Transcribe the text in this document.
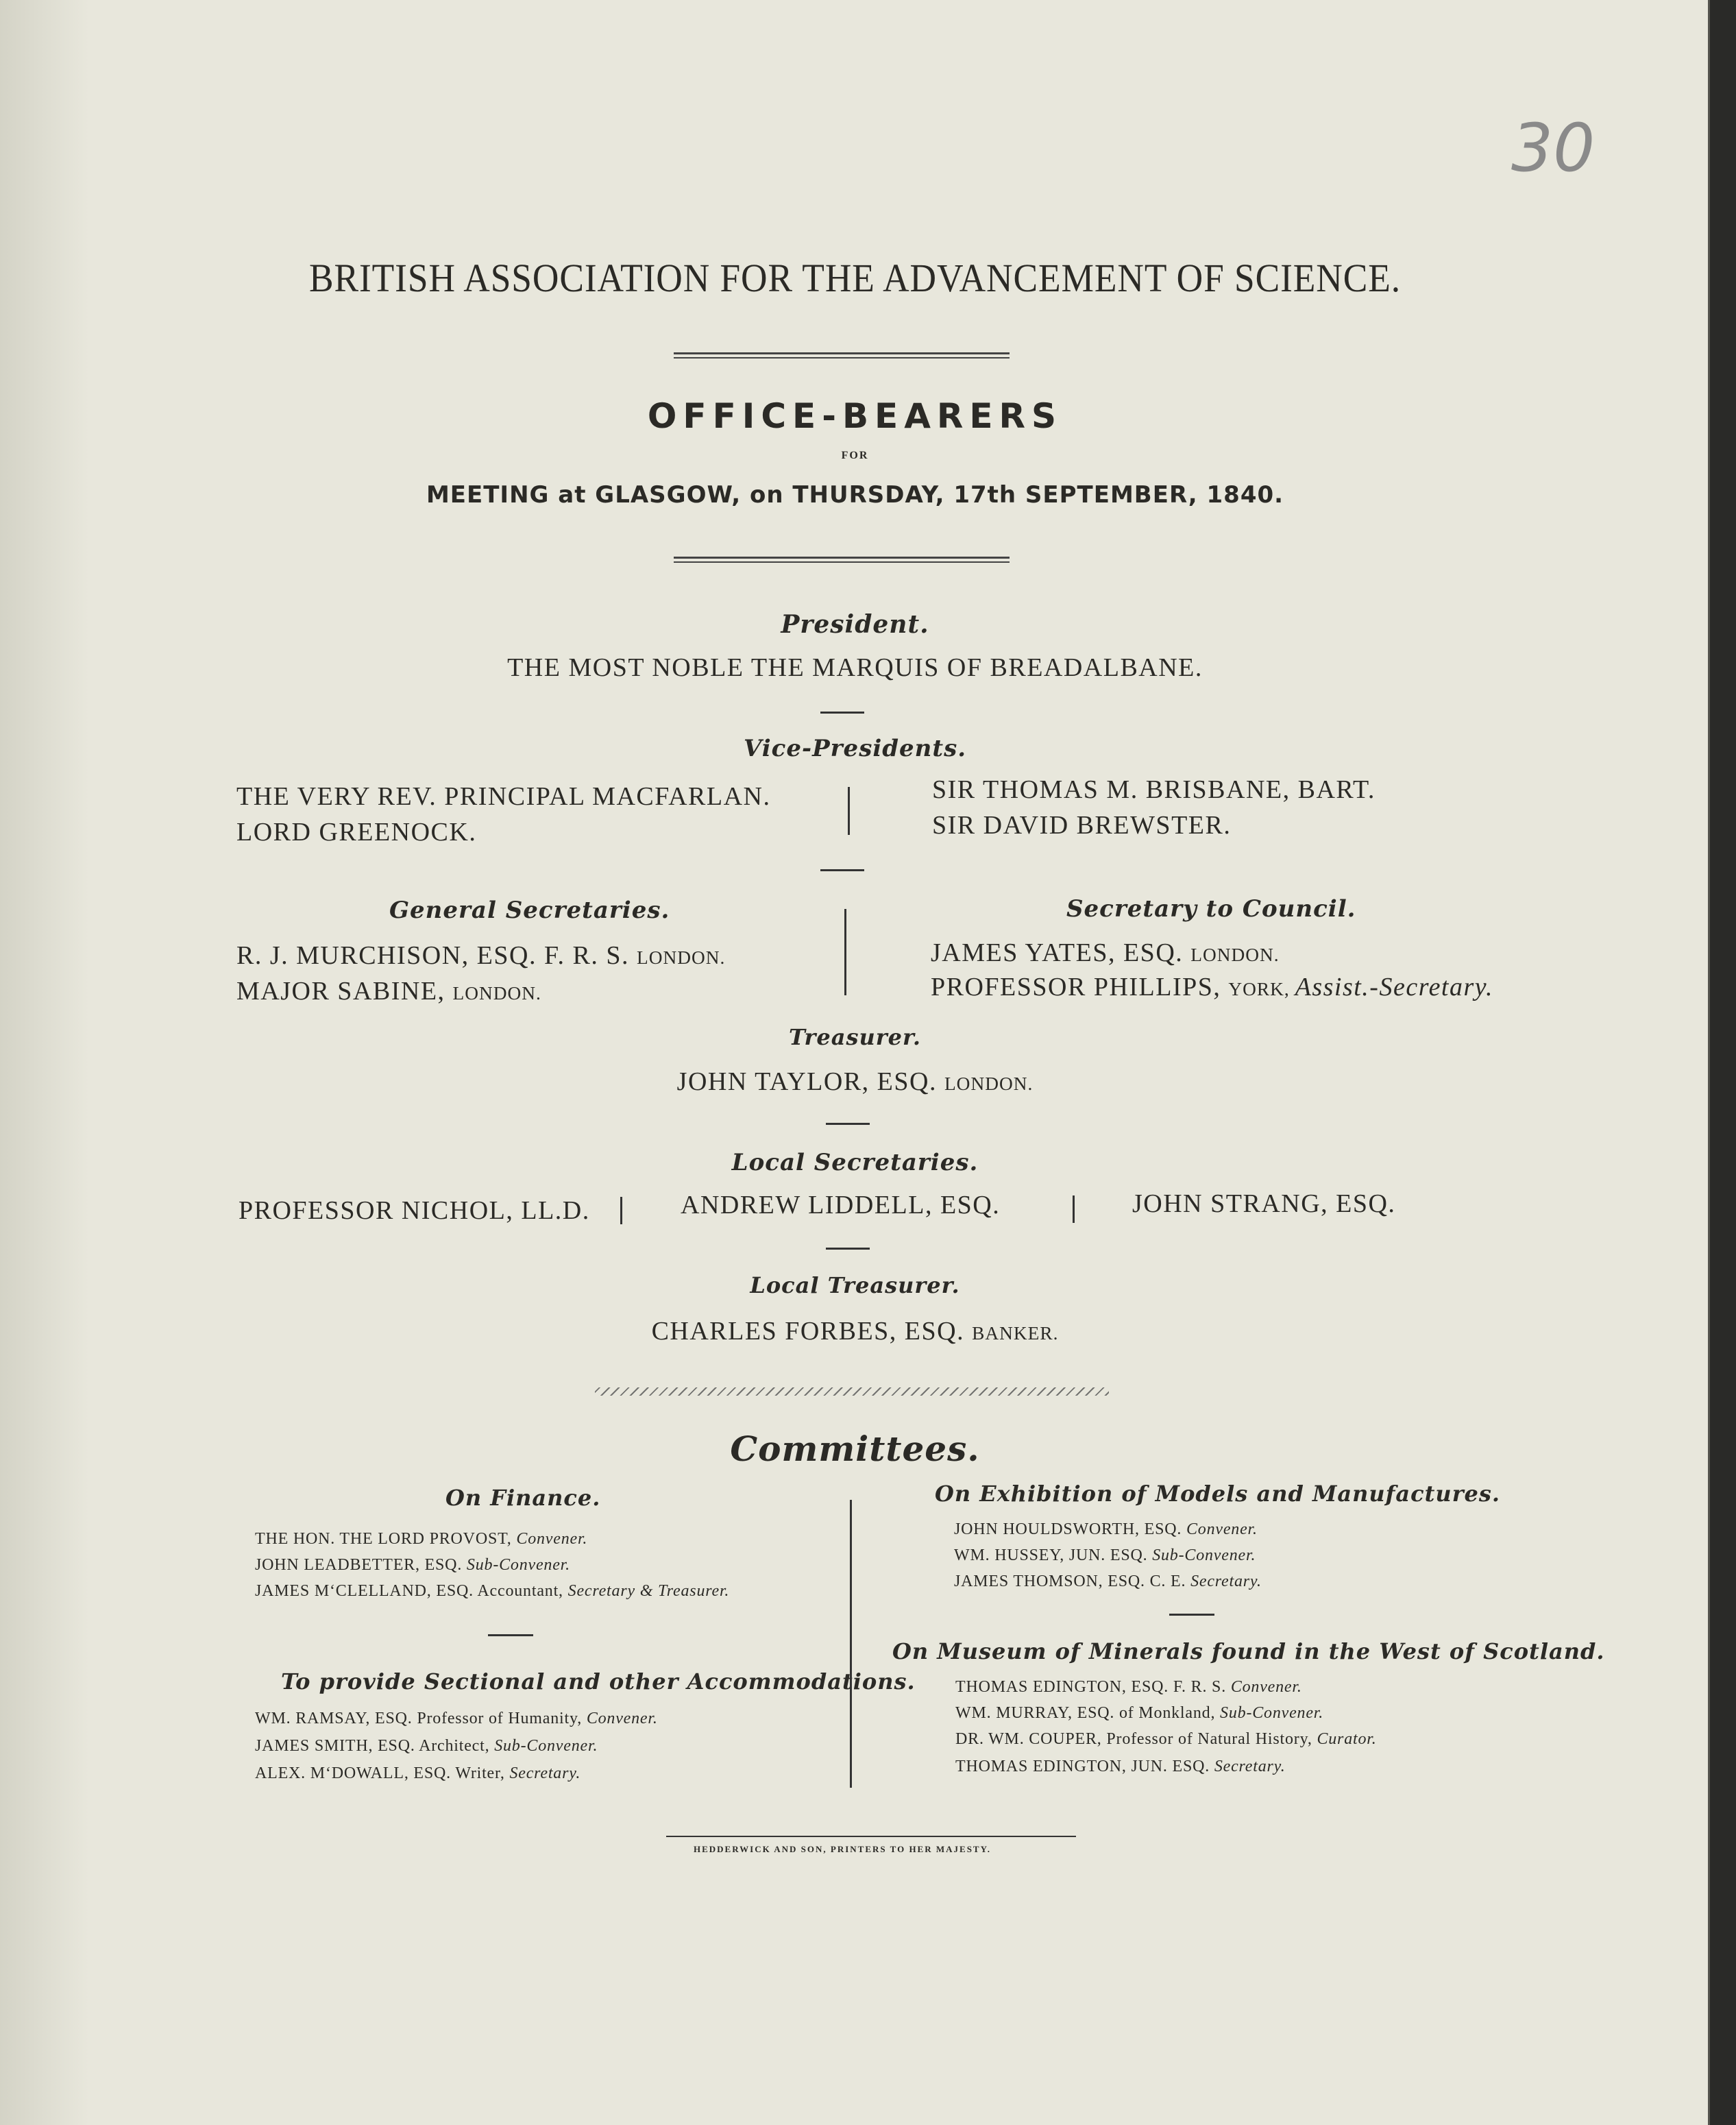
30
BRITISH ASSOCIATION FOR THE ADVANCEMENT OF SCIENCE.
OFFICE-BEARERS
FOR
MEETING at GLASGOW, on THURSDAY, 17th SEPTEMBER, 1840.
President.
THE MOST NOBLE THE MARQUIS OF BREADALBANE.
Vice-Presidents.
THE VERY REV. PRINCIPAL MACFARLAN.
LORD GREENOCK.
SIR THOMAS M. BRISBANE, BART.
SIR DAVID BREWSTER.
General Secretaries.
R. J. MURCHISON, ESQ. F. R. S. LONDON.
MAJOR SABINE, LONDON.
Secretary to Council.
JAMES YATES, ESQ. LONDON.
PROFESSOR PHILLIPS, YORK, Assist.-Secretary.
Treasurer.
JOHN TAYLOR, ESQ. LONDON.
Local Secretaries.
PROFESSOR NICHOL, LL.D.	ANDREW LIDDELL, ESQ.	JOHN STRANG, ESQ.
Local Treasurer.
CHARLES FORBES, ESQ. BANKER.
Committees.
On Finance.
THE HON. THE LORD PROVOST, Convener.
JOHN LEADBETTER, ESQ. Sub-Convener.
JAMES M‘CLELLAND, ESQ. Accountant, Secretary & Treasurer.
To provide Sectional and other Accommodations.
WM. RAMSAY, ESQ. Professor of Humanity, Convener.
JAMES SMITH, ESQ. Architect, Sub-Convener.
ALEX. M‘DOWALL, ESQ. Writer, Secretary.
On Exhibition of Models and Manufactures.
JOHN HOULDSWORTH, ESQ. Convener.
WM. HUSSEY, JUN. ESQ. Sub-Convener.
JAMES THOMSON, ESQ. C. E. Secretary.
On Museum of Minerals found in the West of Scotland.
THOMAS EDINGTON, ESQ. F. R. S. Convener.
WM. MURRAY, ESQ. of Monkland, Sub-Convener.
DR. WM. COUPER, Professor of Natural History, Curator.
THOMAS EDINGTON, JUN. ESQ. Secretary.
HEDDERWICK AND SON, PRINTERS TO HER MAJESTY.
